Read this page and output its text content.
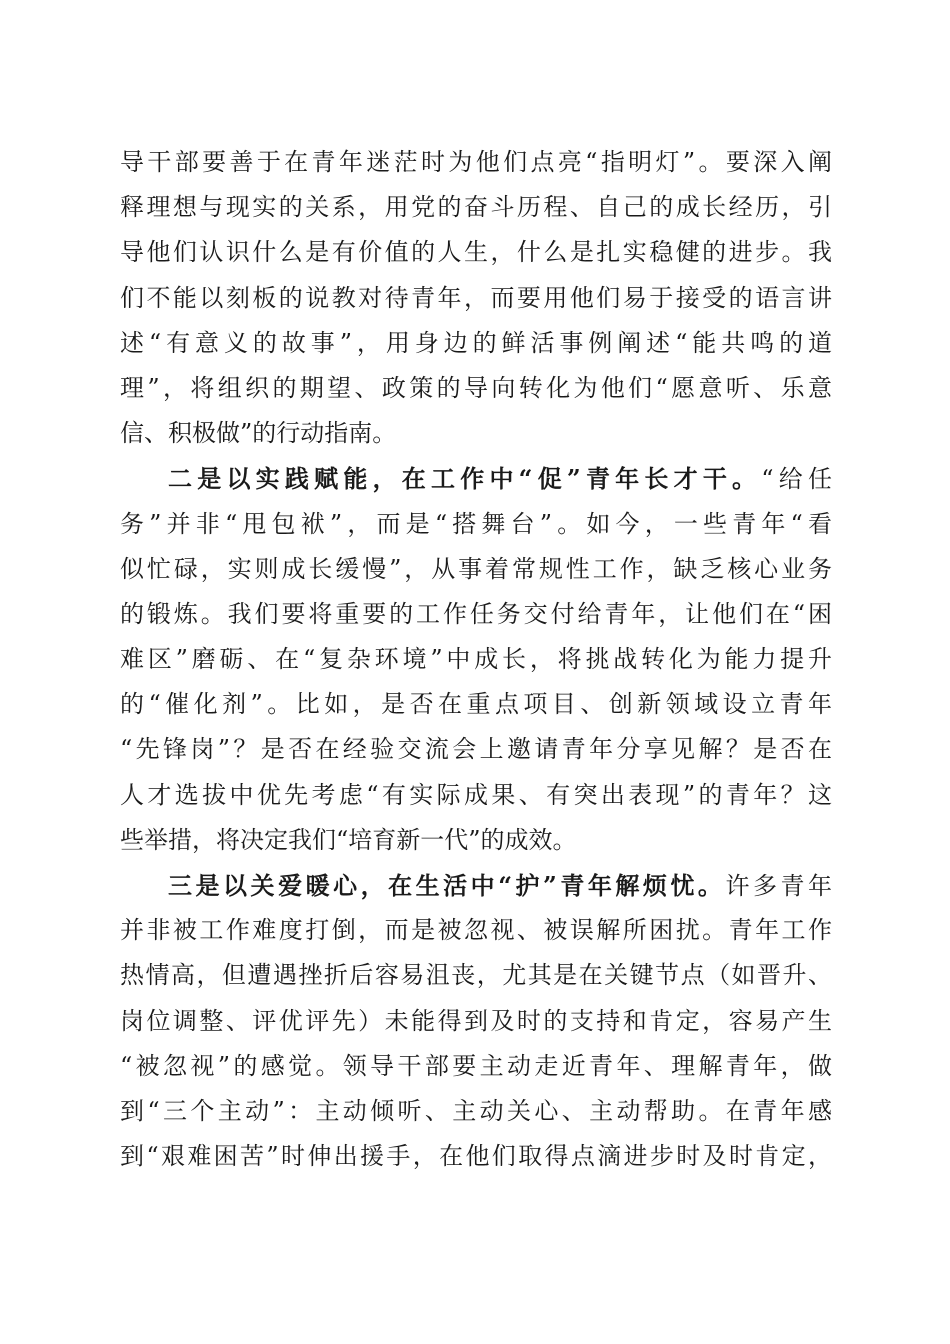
导干部要善于在青年迷茫时为他们点亮“指明灯”。要深入阐
释理想与现实的关系，用党的奋斗历程、自己的成长经历，引
导他们认识什么是有价值的人生，什么是扎实稳健的进步。我
们不能以刻板的说教对待青年，而要用他们易于接受的语言讲
述“有意义的故事”，用身边的鲜活事例阐述“能共鸣的道
理”，将组织的期望、政策的导向转化为他们“愿意听、乐意
信、积极做”的行动指南。
二是以实践赋能，在工作中“促”青年长才干。“给任
务”并非“甩包袱”，而是“搭舞台”。如今，一些青年“看
似忙碌，实则成长缓慢”，从事着常规性工作，缺乏核心业务
的锻炼。我们要将重要的工作任务交付给青年，让他们在“困
难区”磨砺、在“复杂环境”中成长，将挑战转化为能力提升
的“催化剂”。比如，是否在重点项目、创新领域设立青年
“先锋岗”？是否在经验交流会上邀请青年分享见解？是否在
人才选拔中优先考虑“有实际成果、有突出表现”的青年？这
些举措，将决定我们“培育新一代”的成效。
三是以关爱暖心，在生活中“护”青年解烦忧。许多青年
并非被工作难度打倒，而是被忽视、被误解所困扰。青年工作
热情高，但遭遇挫折后容易沮丧，尤其是在关键节点（如晋升、
岗位调整、评优评先）未能得到及时的支持和肯定，容易产生
“被忽视”的感觉。领导干部要主动走近青年、理解青年，做
到“三个主动”：主动倾听、主动关心、主动帮助。在青年感
到“艰难困苦”时伸出援手，在他们取得点滴进步时及时肯定，
